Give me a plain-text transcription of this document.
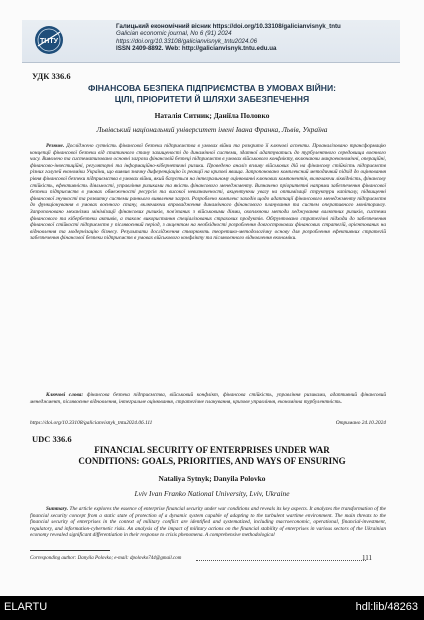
ТНТУ
Галицький економічний вісник https://doi.org/10.33108/galicianvisnyk_tntu
Galician economic journal, No 6 (91) 2024
https://doi.org/10.33108/galicianvisnyk_tntu2024.06
ISSN 2409-8892. Web: http://galicianvisnyk.tntu.edu.ua
УДК 336.6
ФІНАНСОВА БЕЗПЕКА ПІДПРИЄМСТВА В УМОВАХ ВІЙНИ:
ЦІЛІ, ПРІОРИТЕТИ Й ШЛЯХИ ЗАБЕЗПЕЧЕННЯ
Наталія Ситник; Даніїла Половко
Львівський національний університет імені Івана Франка, Львів, Україна
Резюме. Досліджено сутність фінансової безпеки підприємства в умовах війни та розкрито її ключові аспекти. Проаналізовано трансформацію концепції фінансової безпеки від статичного стану захищеності до динамічної системи, здатної адаптуватись до турбулентного середовища воєнного часу. Виявлено та систематизовано основні загрози фінансовій безпеці підприємств в умовах військового конфлікту, включаючи макроекономічні, операційні, фінансово-інвестиційні, регуляторні та інформаційно-кібернетичні ризики. Проведено аналіз впливу військових дій на фінансову стійкість підприємств різних галузей економіки України, що виявив значну диференціацію їх реакції на кризові явища. Запропоновано комплексний методичний підхід до оцінювання рівня фінансової безпеки підприємства в умовах війни, який базується на інтегральному оцінюванні ключових компонентів, включаючи ліквідність, фінансову стійкість, ефективність діяльності, управління ризиками та якість фінансового менеджменту. Визначено пріоритетні напрями забезпечення фінансової безпеки підприємств в умовах обмеженості ресурсів та високої невизначеності, акцентуючи увагу на оптимізації структури капіталу, підвищенні фінансової гнучкості та розвитку системи раннього виявлення загроз. Розроблено комплекс заходів щодо адаптації фінансового менеджменту підприємств до функціонування в умовах воєнного стану, включаючи впровадження динамічного фінансового планування та систем оперативного моніторингу. Запропоновано механізми мінімізації фінансових ризиків, пов'язаних з військовими діями, охоплюючи методи хеджування валютних ризиків, системи фінансового та кібербезпеки активів, а також використання спеціалізованих страхових продуктів. Обґрунтовано стратегічні підходи до забезпечення фінансової стійкості підприємств у післявоєнний період, з акцентом на необхідності розроблення довгострокових фінансових стратегій, орієнтованих на відновлення та модернізацію бізнесу. Результати дослідження створюють теоретико-методологічну основу для розроблення ефективних стратегій забезпечення фінансової безпеки підприємств в умовах військового конфлікту та післявоєнного відновлення економіки.
Ключові слова: фінансова безпека підприємства, військовий конфлікт, фінансова стійкість, управління ризиками, адаптивний фінансовий менеджмент, післявоєнне відновлення, інтегральне оцінювання, стратегічне планування, кризове управління, економічна турбулентність.
https://doi.org/10.33108/galicianvisnyk_tntu2024.06.111	Отримано 24.10.2024
UDC 336.6
FINANCIAL SECURITY OF ENTERPRISES UNDER WAR
CONDITIONS: GOALS, PRIORITIES, AND WAYS OF ENSURING
Nataliya Sytnyk; Danyila Polovko
Lviv Ivan Franko National University, Lviv, Ukraine
Summary. The article explores the essence of enterprise financial security under war conditions and reveals its key aspects. It analyzes the transformation of the financial security concept from a static state of protection of a dynamic system capable of adapting to the turbulent wartime environment. The main threats to the financial security of enterprises in the context of military conflict are identified and systematized, including macroeconomic, operational, financial-investment, regulatory, and information-cybernetic risks. An analysis of the impact of military actions on the financial stability of enterprises in various sectors of the Ukrainian economy revealed significant differentiation in their response to crisis phenomena. A comprehensive methodological
Corresponding author: Danyila Polovko; e-mail: dpolovko744@gmail.com	111
ELARTU	hdl:lib/48263
